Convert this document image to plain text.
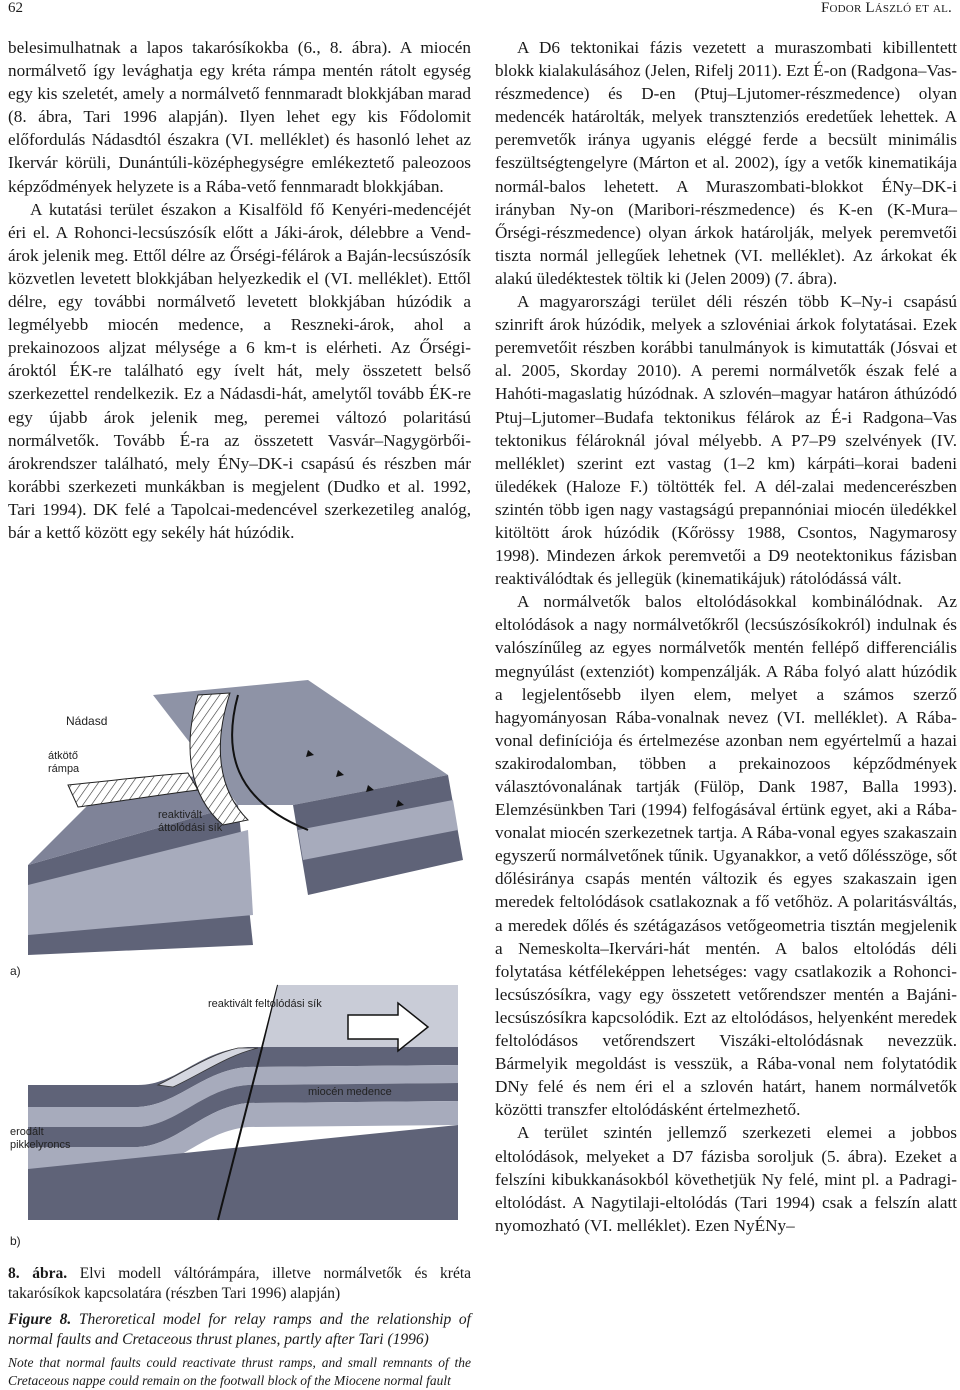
62	Fodor László et al.

belesimulhatnak a lapos takarósíkokba (6., 8. ábra). A miocén normálvető így levághatja egy kréta rámpa mentén rátolt egység egy kis szeletét, amely a normálvető fennmaradt blokkjában marad (8. ábra, Tari 1996 alapján). Ilyen lehet egy kis Fődolomit előfordulás Nádasdtól északra (VI. melléklet) és hasonló lehet az Ikervár körüli, Dunántúli-középhegységre emlékeztető paleozoos képződmények helyzete is a Rába-vető fennmaradt blokkjában.

A kutatási terület északon a Kisalföld fő Kenyéri-medencéjét éri el. A Rohonci-lecsúszósík előtt a Jáki-árok, délebbre a Vend-árok jelenik meg. Ettől délre az Őrségi-félárok a Baján-lecsúszósík közvetlen levetett blokkjában helyezkedik el (VI. melléklet). Ettől délre, egy további normálvető levetett blokkjában húzódik a legmélyebb miocén medence, a Reszneki-árok, ahol a prekainozoos aljzat mélysége a 6 km-t is elérheti. Az Őrségi-ároktól ÉK-re található egy ívelt hát, mely összetett belső szerkezettel rendelkezik. Ez a Nádasdi-hát, amelytől tovább ÉK-re egy újabb árok jelenik meg, peremei változó polaritású normálvetők. Tovább É-ra az összetett Vasvár–Nagygörbői-árokrendszer található, mely ÉNy–DK-i csapású és részben már korábbi szerkezeti munkákban is megjelent (Dudko et al. 1992, Tari 1994). DK felé a Tapolcai-medencével szerkezetileg analóg, bár a kettő között egy sekély hát húzódik.

A D6 tektonikai fázis vezetett a muraszombati kibillentett blokk kialakulásához (Jelen, Rifelj 2011). Ezt É-on (Radgona–Vas-részmedence) és D-en (Ptuj–Ljutomer-részmedence) olyan medencék határolták, melyek transztenziós eredetűek lehettek. A peremvetők iránya ugyanis eléggé ferde a becsült minimális feszültségtengelyre (Márton et al. 2002), így a vetők kinematikája normál-balos lehetett. A Muraszombati-blokkot ÉNy–DK-i irányban Ny-on (Maribori-részmedence) és K-en (K-Mura–Őrségi-részmedence) olyan árkok határolják, melyek peremvetői tiszta normál jellegűek lehetnek (VI. melléklet). Az árkokat ék alakú üledéktestek töltik ki (Jelen 2009) (7. ábra).

A magyarországi terület déli részén több K–Ny-i csapású szinrift árok húzódik, melyek a szlovéniai árkok folytatásai. Ezek peremvetőit részben korábbi tanulmányok is kimutatták (Jósvai et al. 2005, Skorday 2010). A peremi normálvetők észak felé a Hahóti-magaslatig húzódnak. A szlovén–magyar határon áthúzódó Ptuj–Ljutomer–Budafa tektonikus félárok az É-i Radgona–Vas tektonikus félároknál jóval mélyebb. A P7–P9 szelvények (IV. melléklet) szerint ezt vastag (1–2 km) kárpáti–korai badeni üledékek (Haloze F.) töltötték fel. A dél-zalai medencerészben szintén több igen nagy vastagságú prepannóniai miocén üledékkel kitöltött árok húzódik (Kőrössy 1988, Csontos, Nagymarosy 1998). Mindezen árkok peremvetői a D9 neotektonikus fázisban reaktiválódtak és jellegük (kinematikájuk) rátolódássá vált.

A normálvetők balos eltolódásokkal kombinálódnak. Az eltolódások a nagy normálvetőkről (lecsúszósíkokról) indulnak és valószínűleg az egyes normálvetők mentén fellépő differenciális megnyúlást (extenziót) kompenzálják. A Rába folyó alatt húzódik a legjelentősebb ilyen elem, melyet a számos szerző hagyományosan Rába-vonalnak nevez (VI. melléklet). A Rába-vonal definíciója és értelmezése azonban nem egyértelmű a hazai szakirodalomban, többen a prekainozoos képződmények választóvonalának tartják (Fülöp, Dank 1987, Balla 1993). Elemzésünkben Tari (1994) felfogásával értünk egyet, aki a Rába-vonalat miocén szerkezetnek tartja. A Rába-vonal egyes szakaszain egyszerű normálvetőnek tűnik. Ugyanakkor, a vető dőlésszöge, sőt dőlésiránya csapás mentén változik és egyes szakaszain igen meredek feltolódások csatlakoznak a fő vetőhöz. A polaritásváltás, a meredek dőlés és szétágazásos vetőgeometria tisztán megjelenik a Nemeskolta–Ikervári-hát mentén. A balos eltolódás déli folytatása kétféleképpen lehetséges: vagy csatlakozik a Rohonci-lecsúszósíkra, vagy egy összetett vetőrendszer mentén a Bajáni-lecsúszósíkra kapcsolódik. Ezt az eltolódásos, helyenként meredek feltolódásos vetőrendszert Viszáki-eltolódásnak nevezzük. Bármelyik megoldást is vesszük, a Rába-vonal nem folytatódik DNy felé és nem éri el a szlovén határt, hanem normálvetők közötti transzfer eltolódásként értelmezhető.

A terület szintén jellemző szerkezeti elemei a jobbos eltolódások, melyeket a D7 fázisba soroljuk (5. ábra). Ezeket a felszíni kibukkanásokból követhetjük Ny felé, mint pl. a Padragi-eltolódást. A Nagytilaji-eltolódás (Tari 1994) csak a felszín alatt nyomozható (VI. melléklet). Ezen NyÉNy–

Nádasd
átkötő
rámpa
reaktivált
áttolódási sík
a)
reaktivált feltolódási sík
erodált
pikkelyroncs
miocén medence
b)

8. ábra. Elvi modell váltórámpára, illetve normálvetők és kréta takarósíkok kapcsolatára (részben Tari 1996) alapján)

Figure 8. Theroretical model for relay ramps and the relationship of normal faults and Cretaceous thrust planes, partly after Tari (1996)

Note that normal faults could reactivate thrust ramps, and small remnants of the Cretaceous nappe could remain on the footwall block of the Miocene normal fault
